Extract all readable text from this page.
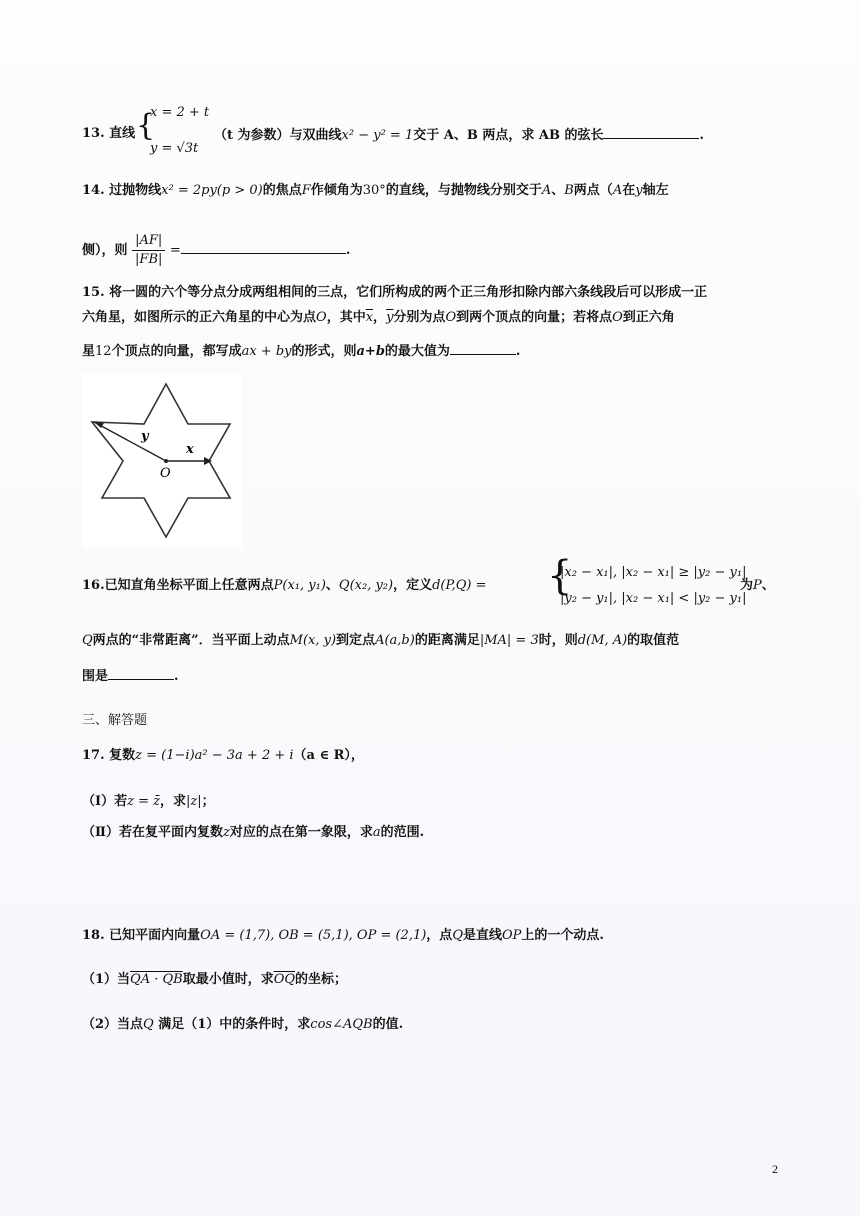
13. 直线 {
x = 2 + t
y = √3t
（t 为参数）与双曲线x² − y² = 1交于 A、B 两点，求 AB 的弦长	.
14. 过抛物线x² = 2py(p > 0)的焦点F作倾角为30°的直线，与抛物线分别交于A、B两点（A在y轴左
侧），则 $\frac{|AF|}{|FB|}$ =	.
15. 将一圆的六个等分点分成两组相间的三点，它们所构成的两个正三角形扣除内部六条线段后可以形成一正
六角星，如图所示的正六角星的中心为点O，其中$\overline{x}$，$\overline{y}$分别为点O到两个顶点的向量；若将点O到正六角
星12个顶点的向量，都写成ax + by的形式，则a+b的最大值为	.
y
x
O
16.已知直角坐标平面上任意两点P(x₁, y₁)、Q(x₂, y₂)，定义d(P,Q) = {
|x₂ − x₁|, |x₂ − x₁| ≥ |y₂ − y₁|
|y₂ − y₁|, |x₂ − x₁| < |y₂ − y₁|
为P、
Q两点的“非常距离”．当平面上动点M(x, y)到定点A(a,b)的距离满足|MA| = 3时，则d(M, A)的取值范
围是	.
三、解答题
17. 复数z = (1−i)a² − 3a + 2 + i（a ∈ R），
（Ⅰ）若z = z̄，求|z|；
（Ⅱ）若在复平面内复数z对应的点在第一象限，求a的范围.
18. 已知平面内向量OA = (1,7), OB = (5,1), OP = (2,1)，点Q是直线OP上的一个动点.
（1）当QA · QB取最小值时，求$\overline{OQ}$的坐标；
（2）当点Q 满足（1）中的条件时，求cos∠AQB的值.
2
